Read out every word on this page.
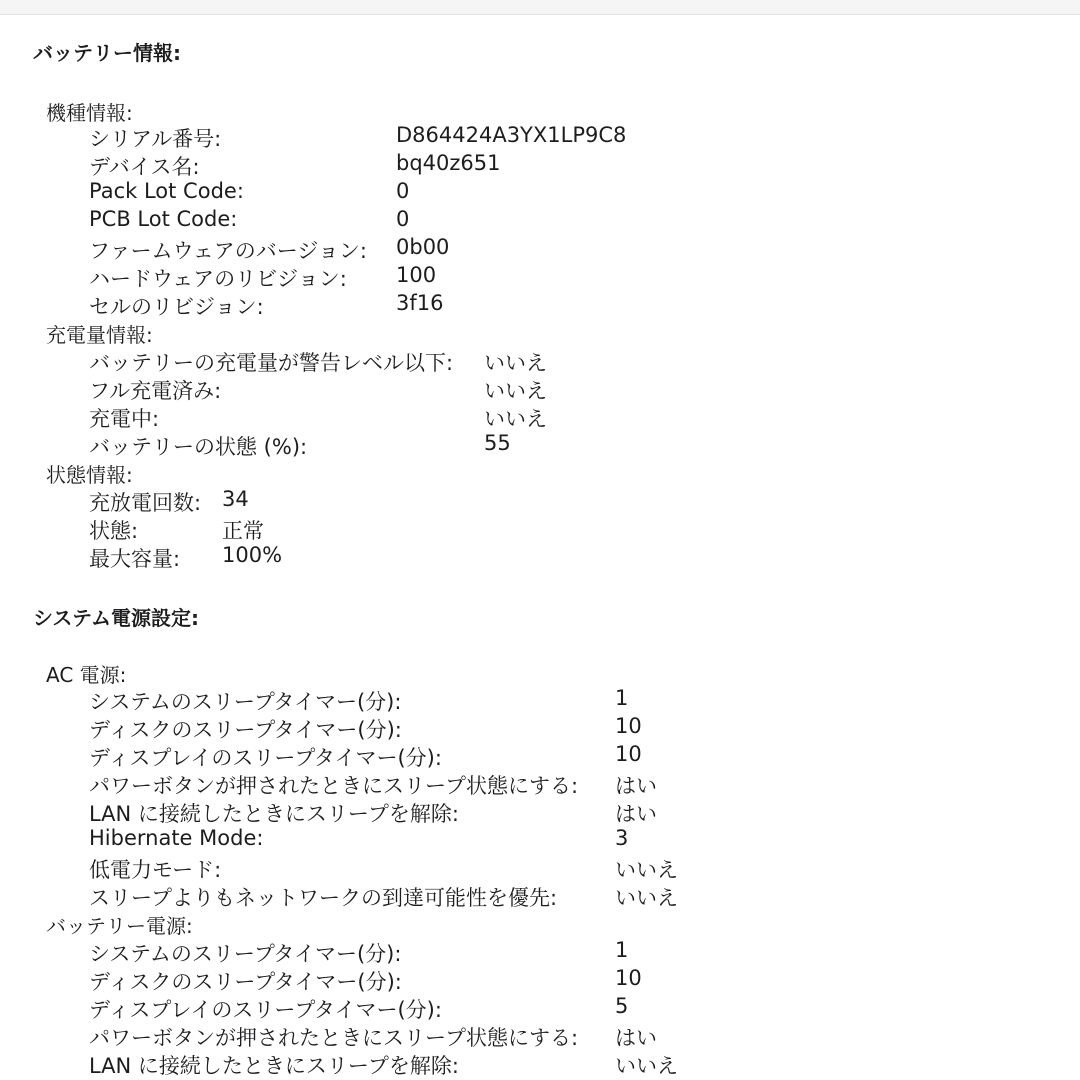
バッテリー情報:
機種情報:
シリアル番号:	D864424A3YX1LP9C8
デバイス名:	bq40z651
Pack Lot Code:	0
PCB Lot Code:	0
ファームウェアのバージョン: 0b00
ハードウェアのリビジョン: 100
セルのリビジョン:	3f16
充電量情報:
バッテリーの充電量が警告レベル以下: いいえ
フル充電済み:	いいえ
充電中:	いいえ
バッテリーの状態 (%):	55
状態情報:
充放電回数: 34
状態:	正常
最大容量: 100%
システム電源設定:
AC 電源:
システムのスリープタイマー(分):	1
ディスクのスリープタイマー(分):	10
ディスプレイのスリープタイマー(分):	10
パワーボタンが押されたときにスリープ状態にする: はい
LAN に接続したときにスリープを解除:	はい
Hibernate Mode:	3
低電力モード:	いいえ
スリープよりもネットワークの到達可能性を優先:	いいえ
バッテリー電源:
システムのスリープタイマー(分):	1
ディスクのスリープタイマー(分):	10
ディスプレイのスリープタイマー(分):	5
パワーボタンが押されたときにスリープ状態にする: はい
LAN に接続したときにスリープを解除:	いいえ
